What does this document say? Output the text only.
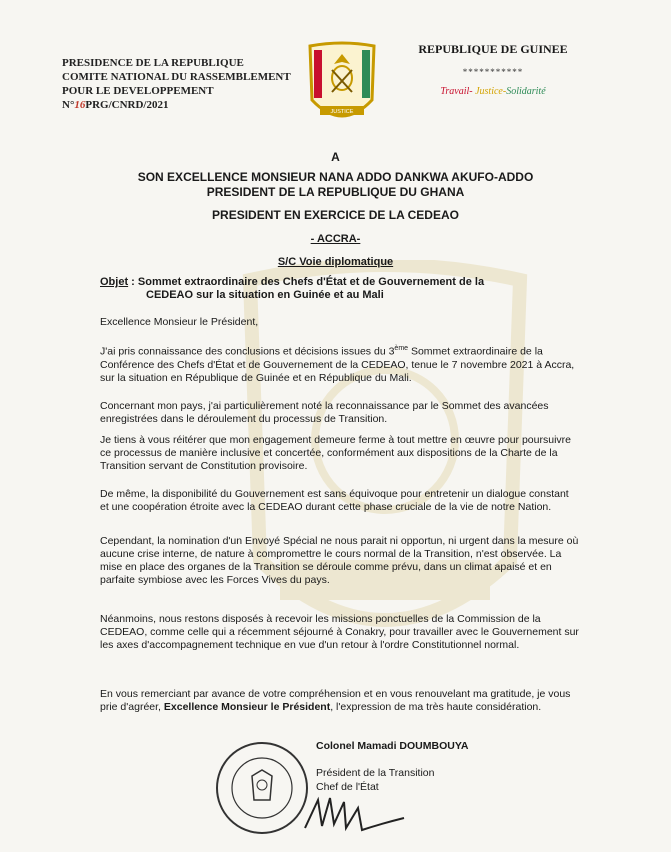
PRESIDENCE DE LA REPUBLIQUE
COMITE NATIONAL DU RASSEMBLEMENT
POUR LE DEVELOPPEMENT
N°16PRG/CNRD/2021
JUSTICE
REPUBLIQUE DE GUINEE
***********
Travail- Justice-Solidarité
A
SON EXCELLENCE MONSIEUR NANA ADDO DANKWA AKUFO-ADDO
PRESIDENT DE LA REPUBLIQUE DU GHANA
PRESIDENT EN EXERCICE DE LA CEDEAO
- ACCRA-
S/C Voie diplomatique
Objet : Sommet extraordinaire des Chefs d'État et de Gouvernement de la
CEDEAO sur la situation en Guinée et au Mali
Excellence Monsieur le Président,
J'ai pris connaissance des conclusions et décisions issues du 3ème Sommet extraordinaire de la Conférence des Chefs d'État et de Gouvernement de la CEDEAO, tenue le 7 novembre 2021 à Accra, sur la situation en République de Guinée et en République du Mali.
Concernant mon pays, j'ai particulièrement noté la reconnaissance par le Sommet des avancées enregistrées dans le déroulement du processus de Transition.
Je tiens à vous réitérer que mon engagement demeure ferme à tout mettre en œuvre pour poursuivre ce processus de manière inclusive et concertée, conformément aux dispositions de la Charte de la Transition servant de Constitution provisoire.
De même, la disponibilité du Gouvernement est sans équivoque pour entretenir un dialogue constant et une coopération étroite avec la CEDEAO durant cette phase cruciale de la vie de notre Nation.
Cependant, la nomination d'un Envoyé Spécial ne nous parait ni opportun, ni urgent dans la mesure où aucune crise interne, de nature à compromettre le cours normal de la Transition, n'est observée. La mise en place des organes de la Transition se déroule comme prévu, dans un climat apaisé et en parfaite symbiose avec les Forces Vives du pays.
Néanmoins, nous restons disposés à recevoir les missions ponctuelles de la Commission de la CEDEAO, comme celle qui a récemment séjourné à Conakry, pour travailler avec le Gouvernement sur les axes d'accompagnement technique en vue d'un retour à l'ordre Constitutionnel normal.
En vous remerciant par avance de votre compréhension et en vous renouvelant ma gratitude, je vous prie d'agréer, Excellence Monsieur le Président, l'expression de ma très haute considération.
Colonel Mamadi DOUMBOUYA
Président de la Transition
Chef de l'État
